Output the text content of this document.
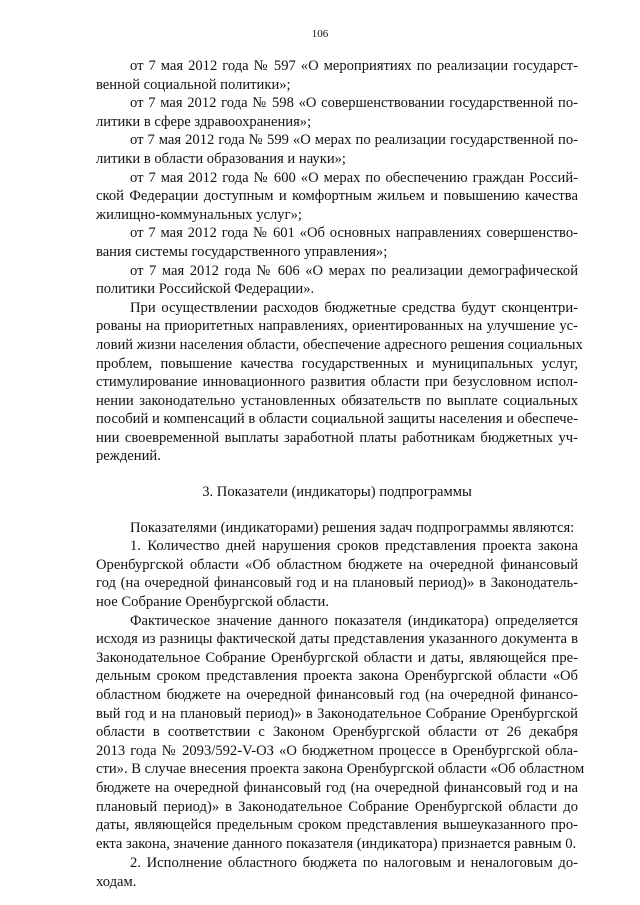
106
от 7 мая 2012 года № 597 «О мероприятиях по реализации государст-
венной социальной политики»;
от 7 мая 2012 года № 598 «О совершенствовании государственной по-
литики в сфере здравоохранения»;
от 7 мая 2012 года № 599 «О мерах по реализации государственной по-
литики в области образования и науки»;
от 7 мая 2012 года № 600 «О мерах по обеспечению граждан Россий-
ской Федерации доступным и комфортным жильем и повышению качества
жилищно-коммунальных услуг»;
от 7 мая 2012 года № 601 «Об основных направлениях совершенство-
вания системы государственного управления»;
от 7 мая 2012 года № 606 «О мерах по реализации демографической
политики Российской Федерации».
При осуществлении расходов бюджетные средства будут сконцентри-
рованы на приоритетных направлениях, ориентированных на улучшение ус-
ловий жизни населения области, обеспечение адресного решения социальных
проблем, повышение качества государственных и муниципальных услуг,
стимулирование инновационного развития области при безусловном испол-
нении законодательно установленных обязательств по выплате социальных
пособий и компенсаций в области социальной защиты населения и обеспече-
нии своевременной выплаты заработной платы работникам бюджетных уч-
реждений.
3. Показатели (индикаторы) подпрограммы
Показателями (индикаторами) решения задач подпрограммы являются:
1. Количество дней нарушения сроков представления проекта закона
Оренбургской области «Об областном бюджете на очередной финансовый
год (на очередной финансовый год и на плановый период)» в Законодатель-
ное Собрание Оренбургской области.
Фактическое значение данного показателя (индикатора) определяется
исходя из разницы фактической даты представления указанного документа в
Законодательное Собрание Оренбургской области и даты, являющейся пре-
дельным сроком представления проекта закона Оренбургской области «Об
областном бюджете на очередной финансовый год (на очередной финансо-
вый год и на плановый период)» в Законодательное Собрание Оренбургской
области в соответствии с Законом Оренбургской области от 26 декабря
2013 года № 2093/592-V-ОЗ «О бюджетном процессе в Оренбургской обла-
сти». В случае внесения проекта закона Оренбургской области «Об областном
бюджете на очередной финансовый год (на очередной финансовый год и на
плановый период)» в Законодательное Собрание Оренбургской области до
даты, являющейся предельным сроком представления вышеуказанного про-
екта закона, значение данного показателя (индикатора) признается равным 0.
2. Исполнение областного бюджета по налоговым и неналоговым до-
ходам.
